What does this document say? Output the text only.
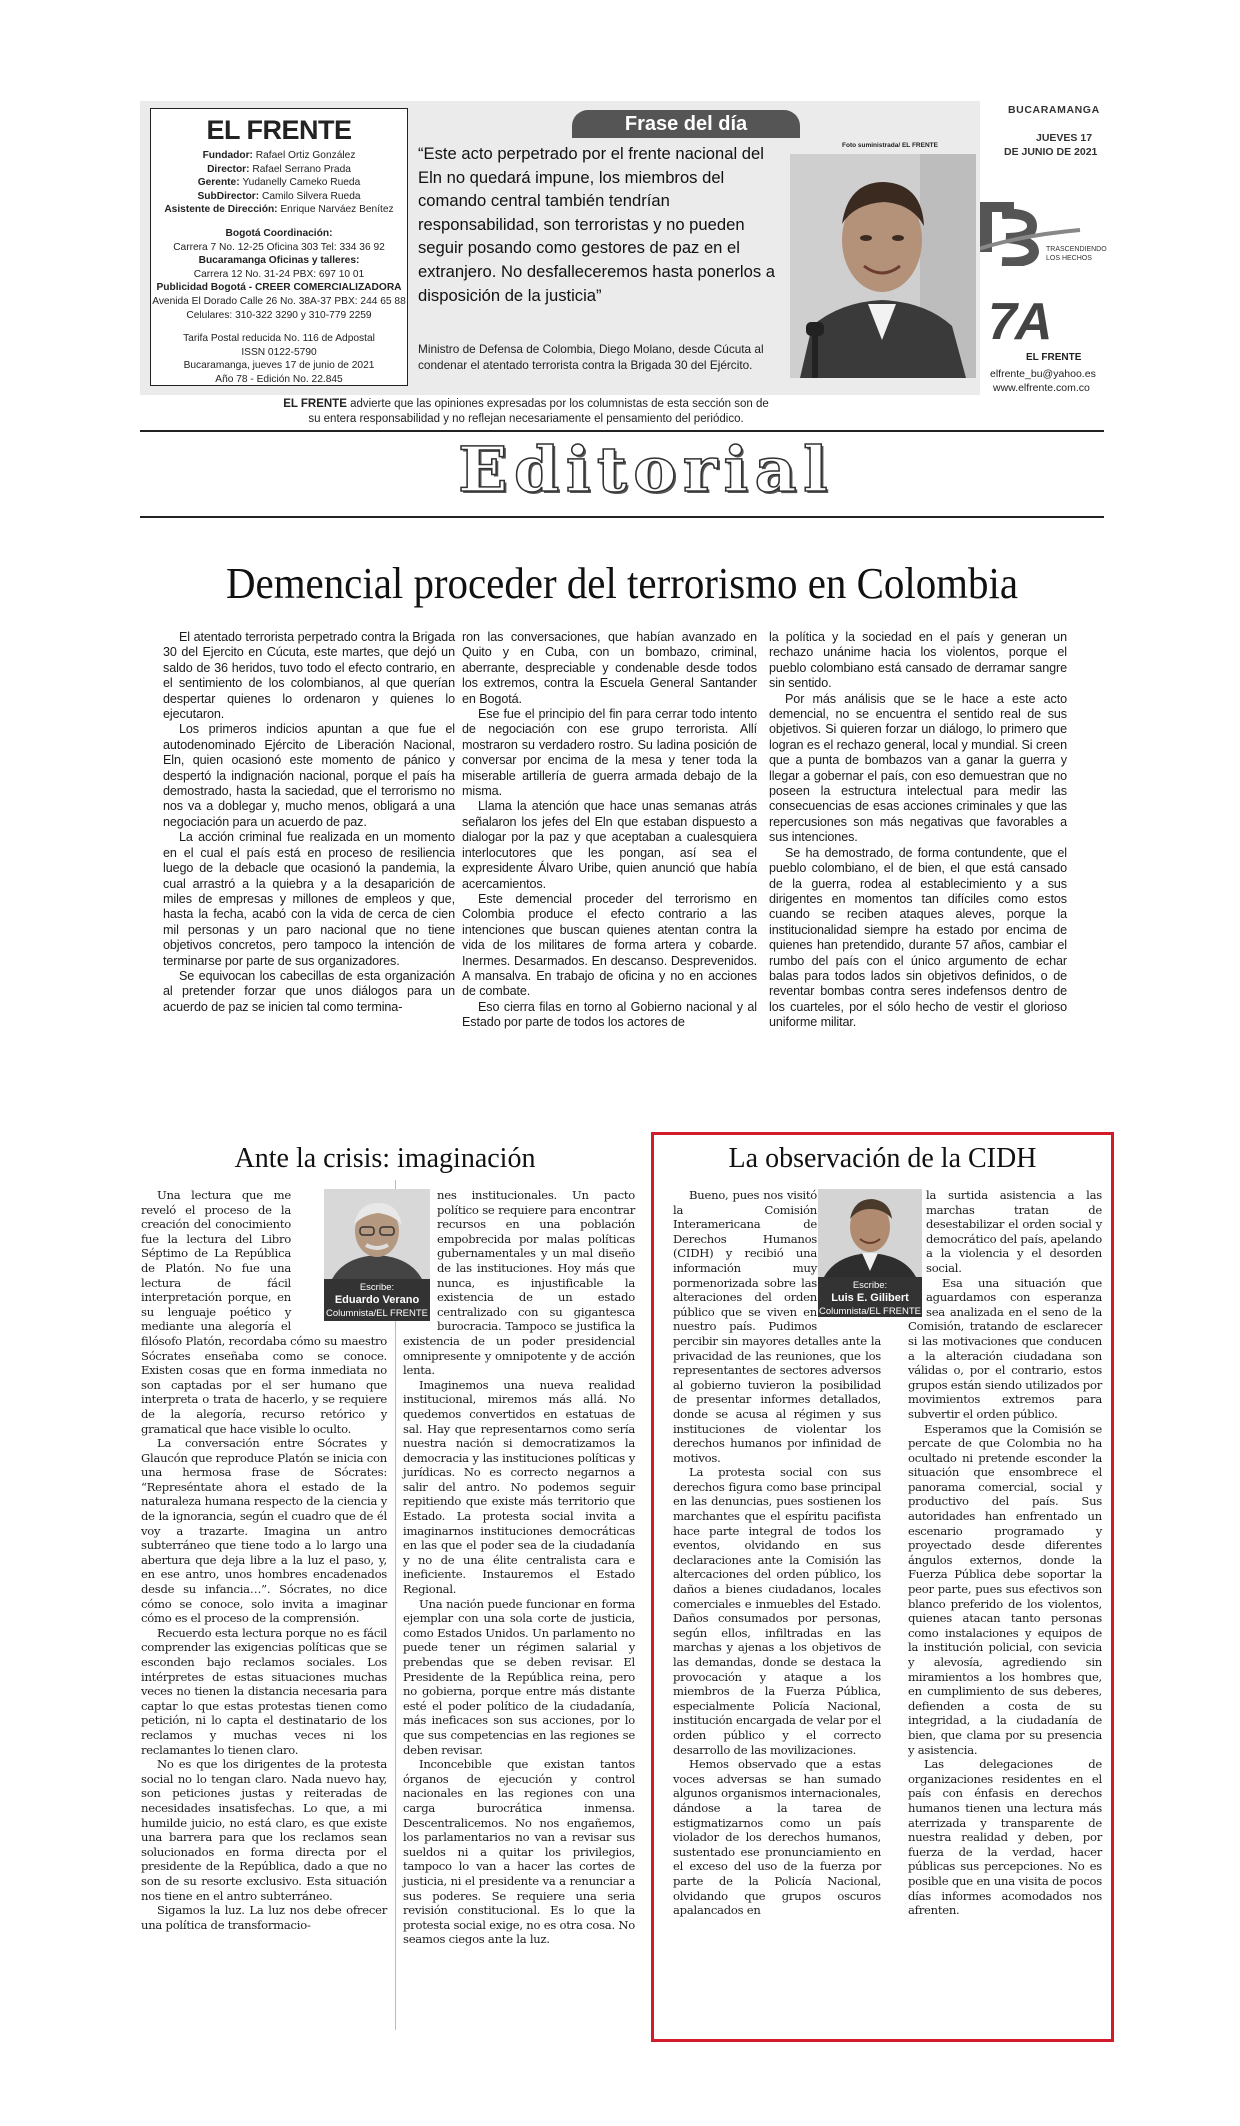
BUCARAMANGA
JUEVES 17
DE JUNIO DE 2021
TRASCENDIENDO
LOS HECHOS
7A
EL FRENTE
elfrente_bu@yahoo.es
www.elfrente.com.co
EL FRENTE
Fundador: Rafael Ortiz González
Director: Rafael Serrano Prada
Gerente: Yudanelly Cameko Rueda
SubDirector: Camilo Silvera Rueda
Asistente de Dirección: Enrique Narváez Benítez
Bogotá Coordinación:
Carrera 7 No. 12-25 Oficina 303 Tel: 334 36 92
Bucaramanga Oficinas y talleres:
Carrera 12 No. 31-24 PBX: 697 10 01
Publicidad Bogotá - CREER COMERCIALIZADORA
Avenida El Dorado Calle 26 No. 38A-37 PBX: 244 65 88
Celulares: 310-322 3290 y 310-779 2259
Tarifa Postal reducida No. 116 de Adpostal
ISSN 0122-5790
Bucaramanga, jueves 17 de junio de 2021
Año 78 - Edición No. 22.845
Frase del día
“Este acto perpetrado por el frente nacional del Eln no quedará impune, los miembros del comando central también tendrían responsabilidad, son terroristas y no pueden seguir posando como gestores de paz en el extranjero. No desfalleceremos hasta ponerlos a disposición de la justicia”
Ministro de Defensa de Colombia, Diego Molano, desde Cúcuta al condenar el atentado terrorista contra la Brigada 30 del Ejército.
Foto suministrada/ EL FRENTE
EL FRENTE advierte que las opiniones expresadas por los columnistas de esta sección son de su entera responsabilidad y no reflejan necesariamente el pensamiento del periódico.
Editorial
Demencial proceder del terrorismo en Colombia

El atentado terrorista perpetrado contra la Brigada 30 del Ejercito en Cúcuta, este martes, que dejó un saldo de 36 heridos, tuvo todo el efecto contrario, en el sentimiento de los colombianos, al que querían despertar quienes lo ordenaron y quienes lo ejecutaron.

Los primeros indicios apuntan a que fue el autodenominado Ejército de Liberación Nacional, Eln, quien ocasionó este momento de pánico y despertó la indignación nacional, porque el país ha demostrado, hasta la saciedad, que el terrorismo no nos va a doblegar y, mucho menos, obligará a una negociación para un acuerdo de paz.

La acción criminal fue realizada en un momento en el cual el país está en proceso de resiliencia luego de la debacle que ocasionó la pandemia, la cual arrastró a la quiebra y a la desaparición de miles de empresas y millones de empleos y que, hasta la fecha, acabó con la vida de cerca de cien mil personas y un paro nacional que no tiene objetivos concretos, pero tampoco la intención de terminarse por parte de sus organizadores.

Se equivocan los cabecillas de esta organización al pretender forzar que unos diálogos para un acuerdo de paz se inicien tal como termina-

ron las conversaciones, que habían avanzado en Quito y en Cuba, con un bombazo, criminal, aberrante, despreciable y condenable desde todos los extremos, contra la Escuela General Santander en Bogotá.

Ese fue el principio del fin para cerrar todo intento de negociación con ese grupo terrorista. Allí mostraron su verdadero rostro. Su ladina posición de conversar por encima de la mesa y tener toda la miserable artillería de guerra armada debajo de la misma.

Llama la atención que hace unas semanas atrás señalaron los jefes del Eln que estaban dispuesto a dialogar por la paz y que aceptaban a cualesquiera interlocutores que les pongan, así sea el expresidente Álvaro Uribe, quien anunció que había acercamientos.

Este demencial proceder del terrorismo en Colombia produce el efecto contrario a las intenciones que buscan quienes atentan contra la vida de los militares de forma artera y cobarde. Inermes. Desarmados. En descanso. Desprevenidos. A mansalva. En trabajo de oficina y no en acciones de combate.

Eso cierra filas en torno al Gobierno nacional y al Estado por parte de todos los actores de

la política y la sociedad en el país y generan un rechazo unánime hacia los violentos, porque el pueblo colombiano está cansado de derramar sangre sin sentido.

Por más análisis que se le hace a este acto demencial, no se encuentra el sentido real de sus objetivos. Si quieren forzar un diálogo, lo primero que logran es el rechazo general, local y mundial. Si creen que a punta de bombazos van a ganar la guerra y llegar a gobernar el país, con eso demuestran que no poseen la estructura intelectual para medir las consecuencias de esas acciones criminales y que las repercusiones son más negativas que favorables a sus intenciones.

Se ha demostrado, de forma contundente, que el pueblo colombiano, el de bien, el que está cansado de la guerra, rodea al establecimiento y a sus dirigentes en momentos tan difíciles como estos cuando se reciben ataques aleves, porque la institucionalidad siempre ha estado por encima de quienes han pretendido, durante 57 años, cambiar el rumbo del país con el único argumento de echar balas para todos lados sin objetivos definidos, o de reventar bombas contra seres indefensos dentro de los cuarteles, por el sólo hecho de vestir el glorioso uniforme militar.

Ante la crisis: imaginación
Escribe:
Eduardo Verano
Columnista/EL FRENTE

Una lectura que me reveló el proceso de la creación del conocimiento fue la lectura del Libro Séptimo de La República de Platón. No fue una lectura de fácil interpretación porque, en su lenguaje poético y mediante una alegoría el filósofo Platón, recordaba cómo su maestro Sócrates enseñaba como se conoce. Existen cosas que en forma inmediata no son captadas por el ser humano que interpreta o trata de hacerlo, y se requiere de la alegoría, recurso retórico y gramatical que hace visible lo oculto.

La conversación entre Sócrates y Glaucón que reproduce Platón se inicia con una hermosa frase de Sócrates: “Represéntate ahora el estado de la naturaleza humana respecto de la ciencia y de la ignorancia, según el cuadro que de él voy a trazarte. Imagina un antro subterráneo que tiene todo a lo largo una abertura que deja libre a la luz el paso, y, en ese antro, unos hombres encadenados desde su infancia…”. Sócrates, no dice cómo se conoce, solo invita a imaginar cómo es el proceso de la comprensión.

Recuerdo esta lectura porque no es fácil comprender las exigencias políticas que se esconden bajo reclamos sociales. Los intérpretes de estas situaciones muchas veces no tienen la distancia necesaria para captar lo que estas protestas tienen como petición, ni lo capta el destinatario de los reclamos y muchas veces ni los reclamantes lo tienen claro.

No es que los dirigentes de la protesta social no lo tengan claro. Nada nuevo hay, son peticiones justas y reiteradas de necesidades insatisfechas. Lo que, a mi humilde juicio, no está claro, es que existe una barrera para que los reclamos sean solucionados en forma directa por el presidente de la República, dado a que no son de su resorte exclusivo. Esta situación nos tiene en el antro subterráneo.

Sigamos la luz. La luz nos debe ofrecer una política de transformacio-

nes institucionales. Un pacto político se requiere para encontrar recursos en una población empobrecida por malas políticas gubernamentales y un mal diseño de las instituciones. Hoy más que nunca, es injustificable la existencia de un estado centralizado con su gigantesca burocracia. Tampoco se justifica la existencia de un poder presidencial omnipresente y omnipotente y de acción lenta.

Imaginemos una nueva realidad institucional, miremos más allá. No quedemos convertidos en estatuas de sal. Hay que representarnos como sería nuestra nación si democratizamos la democracia y las instituciones políticas y jurídicas. No es correcto negarnos a salir del antro. No podemos seguir repitiendo que existe más territorio que Estado. La protesta social invita a imaginarnos instituciones democráticas en las que el poder sea de la ciudadanía y no de una élite centralista cara e ineficiente. Instauremos el Estado Regional.

Una nación puede funcionar en forma ejemplar con una sola corte de justicia, como Estados Unidos. Un parlamento no puede tener un régimen salarial y prebendas que se deben revisar. El Presidente de la República reina, pero no gobierna, porque entre más distante esté el poder político de la ciudadanía, más ineficaces son sus acciones, por lo que sus competencias en las regiones se deben revisar.

Inconcebible que existan tantos órganos de ejecución y control nacionales en las regiones con una carga burocrática inmensa. Descentralicemos. No nos engañemos, los parlamentarios no van a revisar sus sueldos ni a quitar los privilegios, tampoco lo van a hacer las cortes de justicia, ni el presidente va a renunciar a sus poderes. Se requiere una seria revisión constitucional. Es lo que la protesta social exige, no es otra cosa. No seamos ciegos ante la luz.

La observación de la CIDH
Escribe:
Luis E. Gilibert
Columnista/EL FRENTE

Bueno, pues nos visitó la Comisión Interamericana de Derechos Humanos (CIDH) y recibió una información muy pormenorizada sobre las alteraciones del orden público que se viven en nuestro país. Pudimos percibir sin mayores detalles ante la privacidad de las reuniones, que los representantes de sectores adversos al gobierno tuvieron la posibilidad de presentar informes detallados, donde se acusa al régimen y sus instituciones de violentar los derechos humanos por infinidad de motivos.

La protesta social con sus derechos figura como base principal en las denuncias, pues sostienen los marchantes que el espíritu pacifista hace parte integral de todos los eventos, olvidando en sus declaraciones ante la Comisión las altercaciones del orden público, los daños a bienes ciudadanos, locales comerciales e inmuebles del Estado. Daños consumados por personas, según ellos, infiltradas en las marchas y ajenas a los objetivos de las demandas, donde se destaca la provocación y ataque a los miembros de la Fuerza Pública, especialmente Policía Nacional, institución encargada de velar por el orden público y el correcto desarrollo de las movilizaciones.

Hemos observado que a estas voces adversas se han sumado algunos organismos internacionales, dándose a la tarea de estigmatizarnos como un país violador de los derechos humanos, sustentado ese pronunciamiento en el exceso del uso de la fuerza por parte de la Policía Nacional, olvidando que grupos oscuros apalancados en

la surtida asistencia a las marchas tratan de desestabilizar el orden social y democrático del país, apelando a la violencia y el desorden social.

Esa una situación que aguardamos con esperanza sea analizada en el seno de la Comisión, tratando de esclarecer si las motivaciones que conducen a la alteración ciudadana son válidas o, por el contrario, estos grupos están siendo utilizados por movimientos extremos para subvertir el orden público.

Esperamos que la Comisión se percate de que Colombia no ha ocultado ni pretende esconder la situación que ensombrece el panorama comercial, social y productivo del país. Sus autoridades han enfrentado un escenario programado y proyectado desde diferentes ángulos externos, donde la Fuerza Pública debe soportar la peor parte, pues sus efectivos son blanco preferido de los violentos, quienes atacan tanto personas como instalaciones y equipos de la institución policial, con sevicia y alevosía, agrediendo sin miramientos a los hombres que, en cumplimiento de sus deberes, defienden a costa de su integridad, a la ciudadanía de bien, que clama por su presencia y asistencia.

Las delegaciones de organizaciones residentes en el país con énfasis en derechos humanos tienen una lectura más aterrizada y transparente de nuestra realidad y deben, por fuerza de la verdad, hacer públicas sus percepciones. No es posible que en una visita de pocos días informes acomodados nos afrenten.
